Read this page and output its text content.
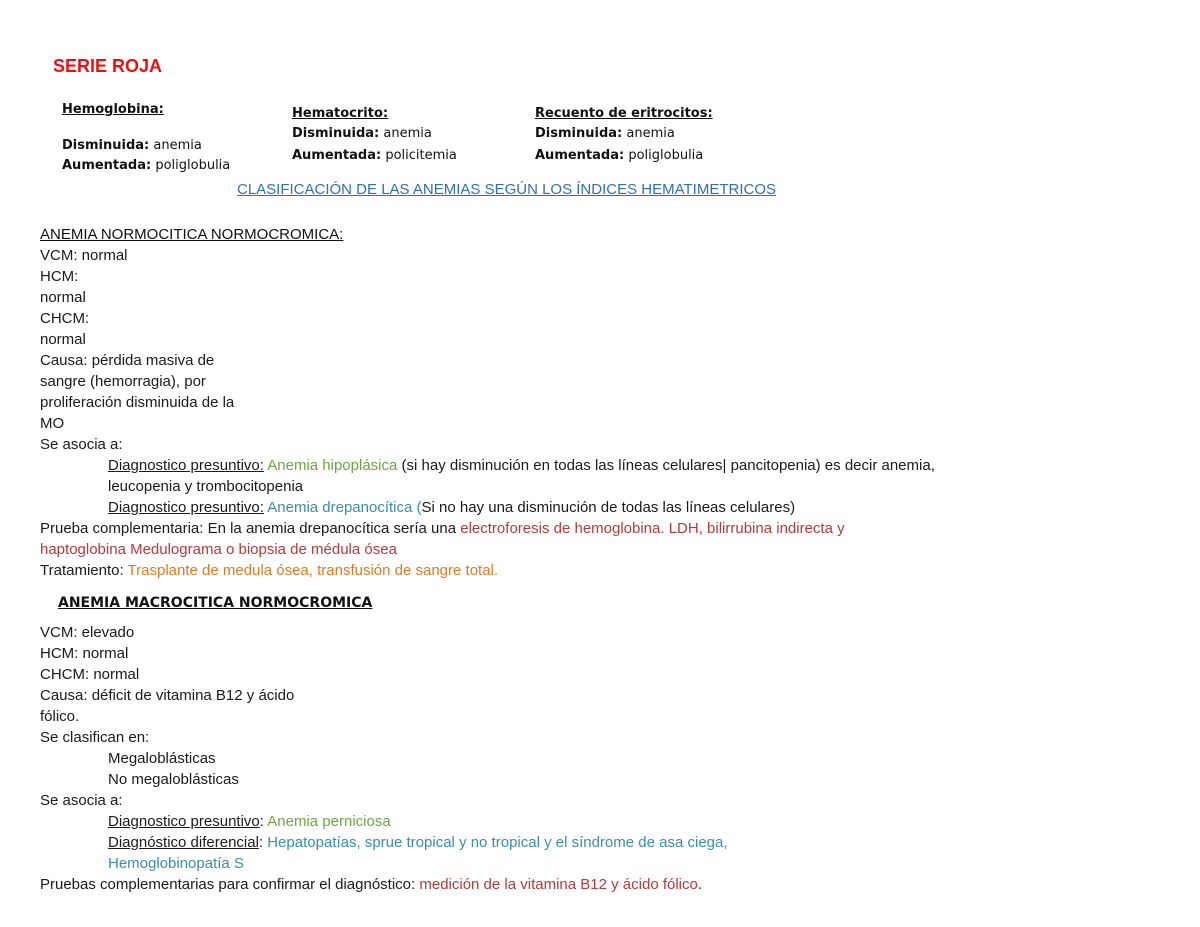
SERIE ROJA
Hemoglobina:
Disminuida: anemia
Aumentada: poliglobulia
Hematocrito:
Disminuida: anemia
Aumentada: policitemia
Recuento de eritrocitos:
Disminuida: anemia
Aumentada: poliglobulia
CLASIFICACIÓN DE LAS ANEMIAS SEGÚN LOS ÍNDICES HEMATIMETRICOS
ANEMIA NORMOCITICA NORMOCROMICA:
VCM: normal
HCM:
normal
CHCM:
normal
Causa: pérdida masiva de
sangre (hemorragia), por
proliferación disminuida de la
MO
Se asocia a:
Diagnostico presuntivo: Anemia hipoplásica (si hay disminución en todas las líneas celulares| pancitopenia) es decir anemia,
leucopenia y trombocitopenia
Diagnostico presuntivo: Anemia drepanocítica (Si no hay una disminución de todas las líneas celulares)
Prueba complementaria: En la anemia drepanocítica sería una electroforesis de hemoglobina. LDH, bilirrubina indirecta y
haptoglobina Medulograma o biopsia de médula ósea
Tratamiento: Trasplante de medula ósea, transfusión de sangre total.
ANEMIA MACROCITICA NORMOCROMICA
VCM: elevado
HCM: normal
CHCM: normal
Causa: déficit de vitamina B12 y ácido
fólico.
Se clasifican en:
Megaloblásticas
No megaloblásticas
Se asocia a:
Diagnostico presuntivo: Anemia perniciosa
Diagnóstico diferencial: Hepatopatías, sprue tropical y no tropical y el síndrome de asa ciega,
Hemoglobinopatía S
Pruebas complementarias para confirmar el diagnóstico: medición de la vitamina B12 y ácido fólico.
